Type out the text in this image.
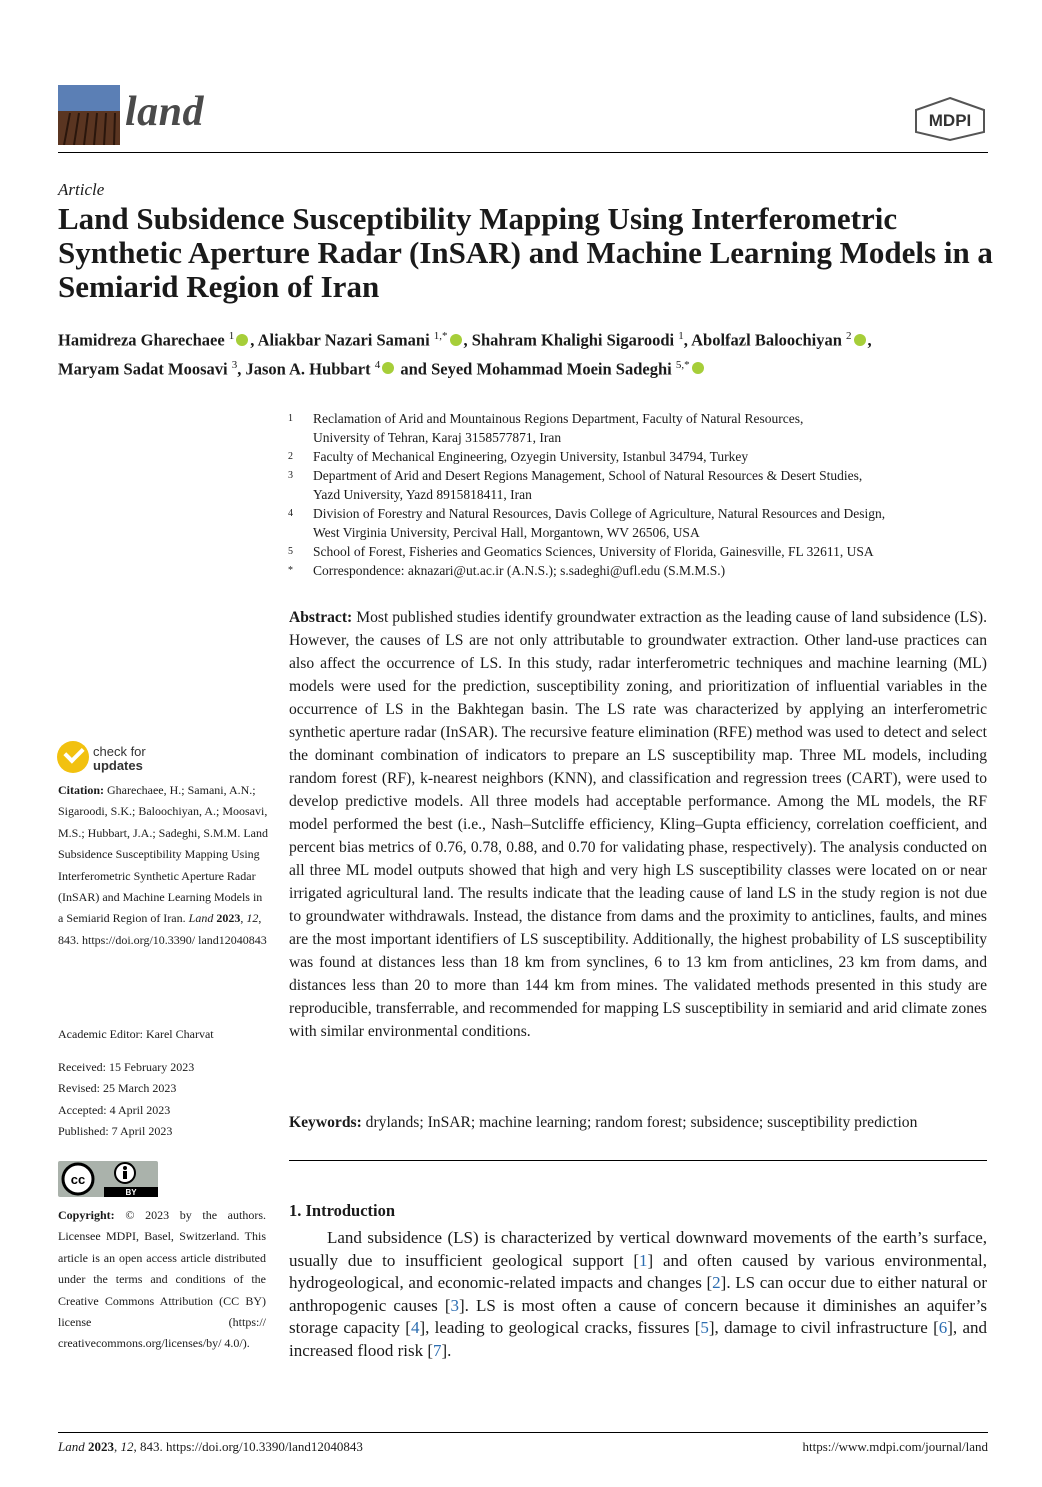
land	MDPI
Article
Land Subsidence Susceptibility Mapping Using Interferometric Synthetic Aperture Radar (InSAR) and Machine Learning Models in a Semiarid Region of Iran
Hamidreza Gharechaee $^1$ , Aliakbar Nazari Samani $^{1,*}$ , Shahram Khalighi Sigaroodi $^1$, Abolfazl Baloochiyan $^2$ ,
Maryam Sadat Moosavi $^3$, Jason A. Hubbart $^4$ and Seyed Mohammad Moein Sadeghi $^{5,*}$
1	Reclamation of Arid and Mountainous Regions Department, Faculty of Natural Resources,
University of Tehran, Karaj 3158577871, Iran
2	Faculty of Mechanical Engineering, Ozyegin University, Istanbul 34794, Turkey
3	Department of Arid and Desert Regions Management, School of Natural Resources & Desert Studies,
Yazd University, Yazd 8915818411, Iran
4	Division of Forestry and Natural Resources, Davis College of Agriculture, Natural Resources and Design,
West Virginia University, Percival Hall, Morgantown, WV 26506, USA
5	School of Forest, Fisheries and Geomatics Sciences, University of Florida, Gainesville, FL 32611, USA
*	Correspondence: aknazari@ut.ac.ir (A.N.S.); s.sadeghi@ufl.edu (S.M.M.S.)

Abstract: Most published studies identify groundwater extraction as the leading cause of land subsidence (LS). However, the causes of LS are not only attributable to groundwater extraction. Other land-use practices can also affect the occurrence of LS. In this study, radar interferometric techniques and machine learning (ML) models were used for the prediction, susceptibility zoning, and prioritization of influential variables in the occurrence of LS in the Bakhtegan basin. The LS rate was characterized by applying an interferometric synthetic aperture radar (InSAR). The recursive feature elimination (RFE) method was used to detect and select the dominant combination of indicators to prepare an LS susceptibility map. Three ML models, including random forest (RF), k-nearest neighbors (KNN), and classification and regression trees (CART), were used to develop predictive models. All three models had acceptable performance. Among the ML models, the RF model performed the best (i.e., Nash–Sutcliffe efficiency, Kling–Gupta efficiency, correlation coefficient, and percent bias metrics of 0.76, 0.78, 0.88, and 0.70 for validating phase, respectively). The analysis conducted on all three ML model outputs showed that high and very high LS susceptibility classes were located on or near irrigated agricultural land. The results indicate that the leading cause of land LS in the study region is not due to groundwater withdrawals. Instead, the distance from dams and the proximity to anticlines, faults, and mines are the most important identifiers of LS susceptibility. Additionally, the highest probability of LS susceptibility was found at distances less than 18 km from synclines, 6 to 13 km from anticlines, 23 km from dams, and distances less than 20 to more than 144 km from mines. The validated methods presented in this study are reproducible, transferrable, and recommended for mapping LS susceptibility in semiarid and arid climate zones with similar environmental conditions.

Keywords: drylands; InSAR; machine learning; random forest; subsidence; susceptibility prediction

1. Introduction

Land subsidence (LS) is characterized by vertical downward movements of the earth’s surface, usually due to insufficient geological support [1] and often caused by various environmental, hydrogeological, and economic-related impacts and changes [2]. LS can occur due to either natural or anthropogenic causes [3]. LS is most often a cause of concern because it diminishes an aquifer’s storage capacity [4], leading to geological cracks, fissures [5], damage to civil infrastructure [6], and increased flood risk [7].

check for
updates
Citation: Gharechaee, H.; Samani, A.N.; Sigaroodi, S.K.; Baloochiyan, A.; Moosavi, M.S.; Hubbart, J.A.; Sadeghi, S.M.M. Land Subsidence Susceptibility Mapping Using Interferometric Synthetic Aperture Radar (InSAR) and Machine Learning Models in a Semiarid Region of Iran. Land 2023, 12, 843. https://doi.org/10.3390/ land12040843
Academic Editor: Karel Charvat
Received: 15 February 2023
Revised: 25 March 2023
Accepted: 4 April 2023
Published: 7 April 2023
cc
BY
Copyright: © 2023 by the authors. Licensee MDPI, Basel, Switzerland. This article is an open access article distributed under the terms and conditions of the Creative Commons Attribution (CC BY) license (https:// creativecommons.org/licenses/by/ 4.0/).
Land 2023, 12, 843. https://doi.org/10.3390/land12040843	https://www.mdpi.com/journal/land
